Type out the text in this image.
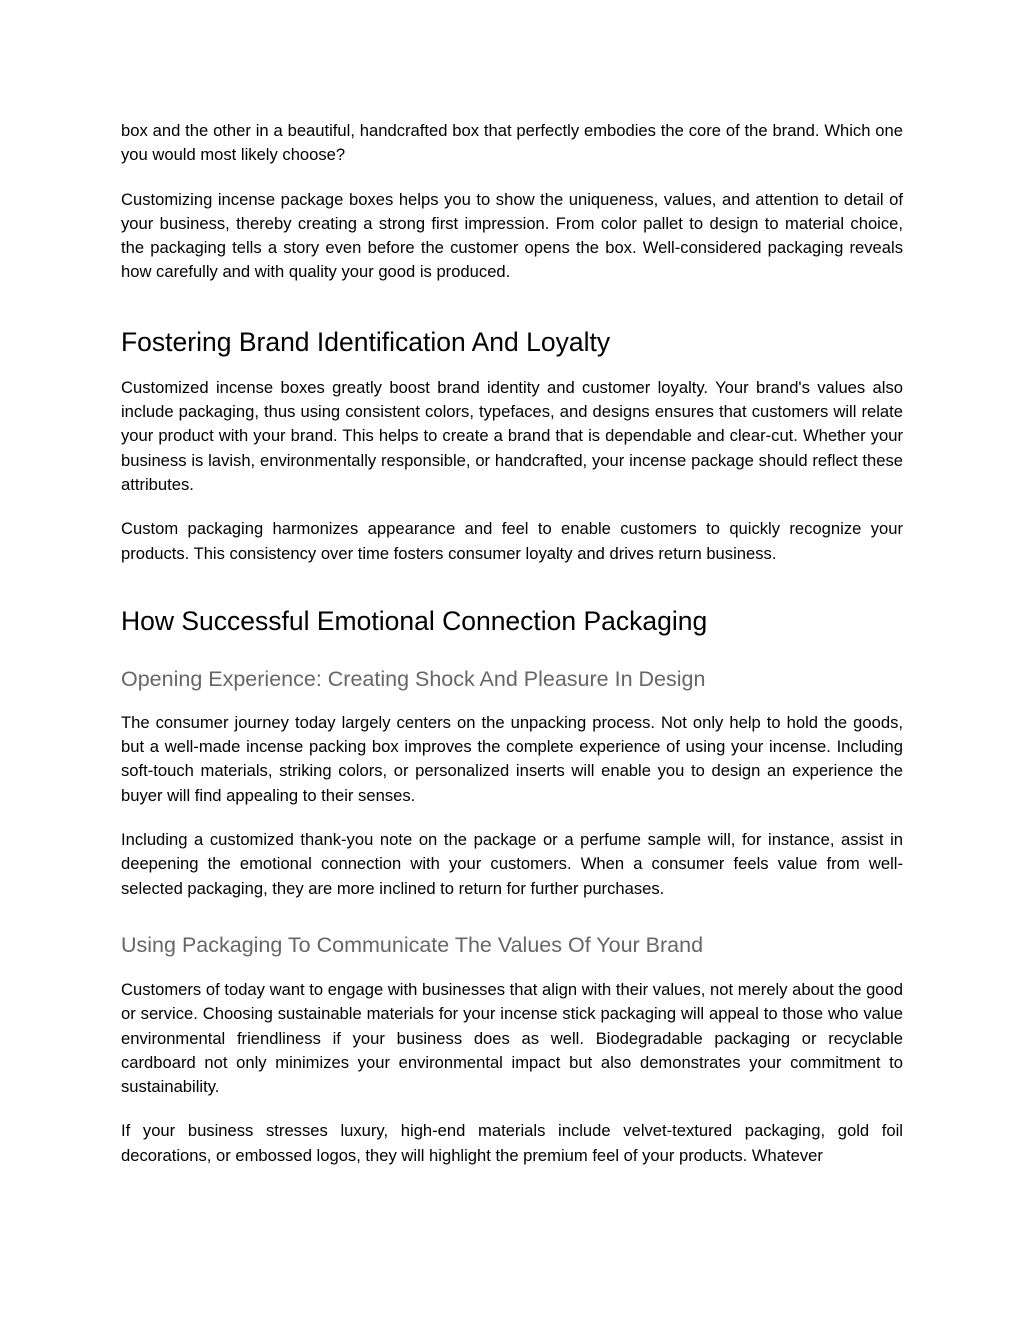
box and the other in a beautiful, handcrafted box that perfectly embodies the core of the brand. Which one you would most likely choose?

Customizing incense package boxes helps you to show the uniqueness, values, and attention to detail of your business, thereby creating a strong first impression. From color pallet to design to material choice, the packaging tells a story even before the customer opens the box. Well-considered packaging reveals how carefully and with quality your good is produced.

Fostering Brand Identification And Loyalty

Customized incense boxes greatly boost brand identity and customer loyalty. Your brand's values also include packaging, thus using consistent colors, typefaces, and designs ensures that customers will relate your product with your brand. This helps to create a brand that is dependable and clear-cut. Whether your business is lavish, environmentally responsible, or handcrafted, your incense package should reflect these attributes.

Custom packaging harmonizes appearance and feel to enable customers to quickly recognize your products. This consistency over time fosters consumer loyalty and drives return business.

How Successful Emotional Connection Packaging
Opening Experience: Creating Shock And Pleasure In Design

The consumer journey today largely centers on the unpacking process. Not only help to hold the goods, but a well-made incense packing box improves the complete experience of using your incense. Including soft-touch materials, striking colors, or personalized inserts will enable you to design an experience the buyer will find appealing to their senses.

Including a customized thank-you note on the package or a perfume sample will, for instance, assist in deepening the emotional connection with your customers. When a consumer feels value from well-selected packaging, they are more inclined to return for further purchases.

Using Packaging To Communicate The Values Of Your Brand

Customers of today want to engage with businesses that align with their values, not merely about the good or service. Choosing sustainable materials for your incense stick packaging will appeal to those who value environmental friendliness if your business does as well. Biodegradable packaging or recyclable cardboard not only minimizes your environmental impact but also demonstrates your commitment to sustainability.

If your business stresses luxury, high-end materials include velvet-textured packaging, gold foil decorations, or embossed logos, they will highlight the premium feel of your products. Whatever
